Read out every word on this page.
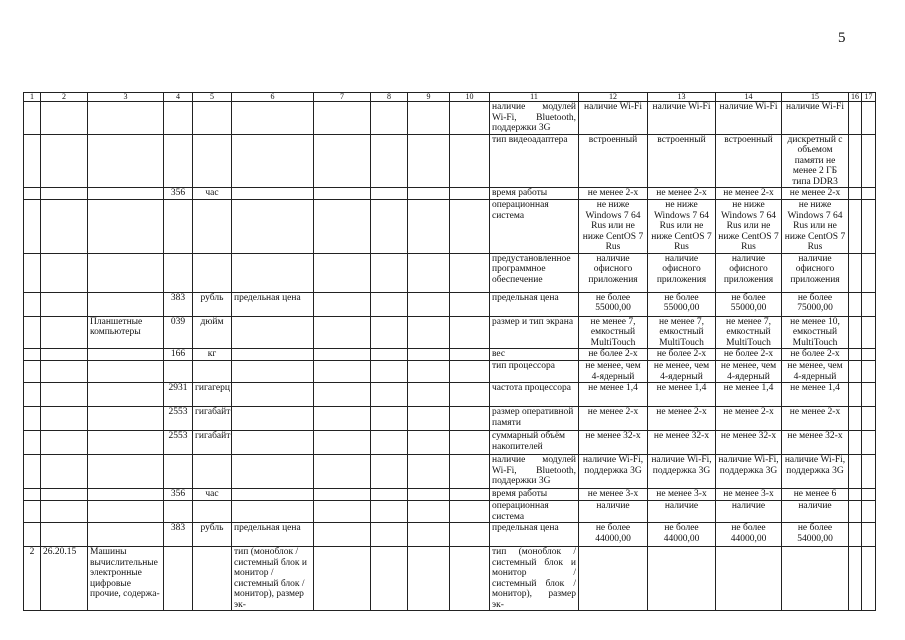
5
1	2	3	4	5	6	7	8	9	10	11	12	13	14	15	16	17
										наличие модулей Wi-Fi, Bluetooth, поддержки 3G	наличие Wi-Fi	наличие Wi-Fi	наличие Wi-Fi	наличие Wi-Fi		
										тип видеоадаптера	встроенный	встроенный	встроенный	дискретный с объемом памяти не менее 2 ГБ типа DDR3		
			356	час						время работы	не менее 2-х	не менее 2-х	не менее 2-х	не менее 2-х		
										операционная система	не ниже Windows 7 64 Rus или не ниже CentOS 7 Rus	не ниже Windows 7 64 Rus или не ниже CentOS 7 Rus	не ниже Windows 7 64 Rus или не ниже CentOS 7 Rus	не ниже Windows 7 64 Rus или не ниже CentOS 7 Rus		
										предустановленное программное обеспечение	наличие офисного приложения	наличие офисного приложения	наличие офисного приложения	наличие офисного приложения		
			383	рубль	предельная цена					предельная цена	не более 55000,00	не более 55000,00	не более 55000,00	не более 75000,00		
		Планшетные компьютеры	039	дюйм						размер и тип экрана	не менее 7, емкостный MultiTouch	не менее 7, емкостный MultiTouch	не менее 7, емкостный MultiTouch	не менее 10, емкостный MultiTouch		
			166	кг						вес	не более 2-х	не более 2-х	не более 2-х	не более 2-х		
										тип процессора	не менее, чем 4-ядерный	не менее, чем 4-ядерный	не менее, чем 4-ядерный	не менее, чем 4-ядерный		
			2931	гигагерц						частота процессора	не менее 1,4	не менее 1,4	не менее 1,4	не менее 1,4		
			2553	гигабайт						размер оперативной памяти	не менее 2-х	не менее 2-х	не менее 2-х	не менее 2-х		
			2553	гигабайт						суммарный объём накопителей	не менее 32-х	не менее 32-х	не менее 32-х	не менее 32-х		
										наличие модулей Wi-Fi, Bluetooth, поддержки 3G	наличие Wi-Fi, поддержка 3G	наличие Wi-Fi, поддержка 3G	наличие Wi-Fi, поддержка 3G	наличие Wi-Fi, поддержка 3G		
			356	час						время работы	не менее 3-х	не менее 3-х	не менее 3-х	не менее 6		
										операционная система	наличие	наличие	наличие	наличие		
			383	рубль	предельная цена					предельная цена	не более 44000,00	не более 44000,00	не более 44000,00	не более 54000,00		
2	26.20.15	Машины вычислительные электронные цифровые прочие, содержа-			тип (моноблок / системный блок и монитор / системный блок / монитор), размер эк-					тип (моноблок / системный блок и монитор / системный блок / монитор), размер эк-						
